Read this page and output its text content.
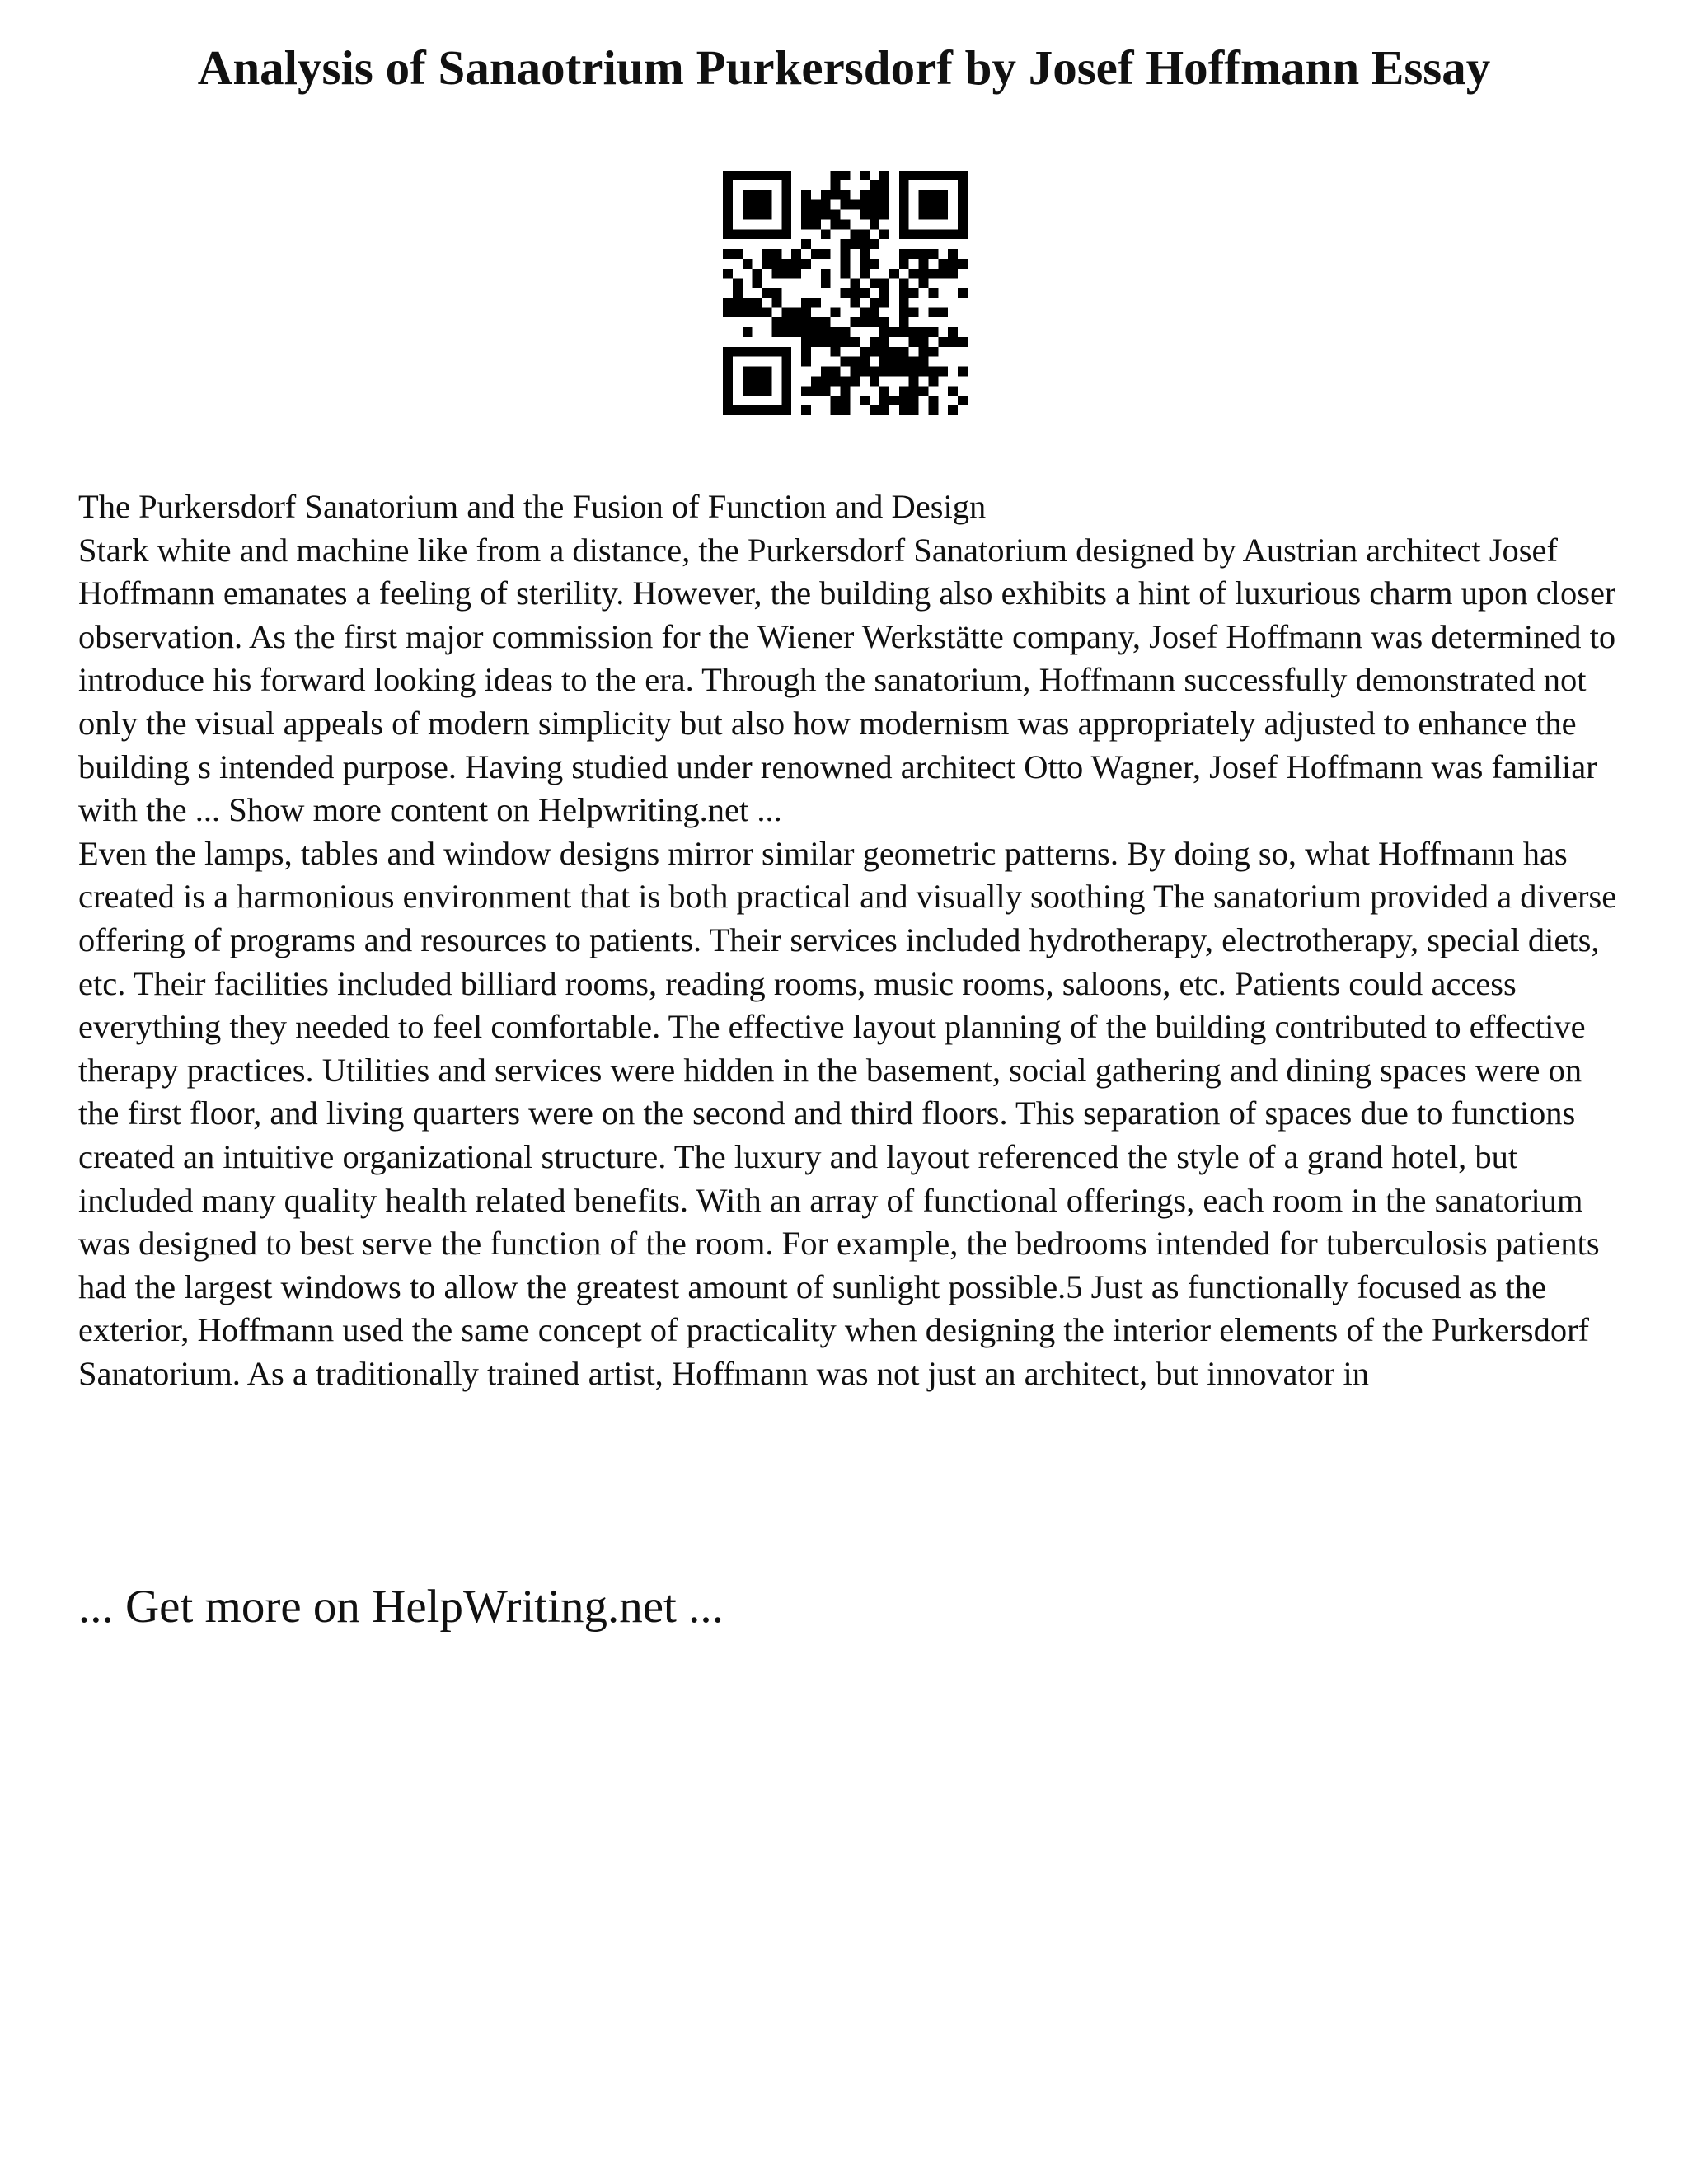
Analysis of Sanaotrium Purkersdorf by Josef Hoffmann Essay

The Purkersdorf Sanatorium and the Fusion of Function and Design

Stark white and machine like from a distance, the Purkersdorf Sanatorium designed by Austrian architect Josef Hoffmann emanates a feeling of sterility. However, the building also exhibits a hint of luxurious charm upon closer observation. As the first major commission for the Wiener Werkstätte company, Josef Hoffmann was determined to introduce his forward looking ideas to the era. Through the sanatorium, Hoffmann successfully demonstrated not only the visual appeals of modern simplicity but also how modernism was appropriately adjusted to enhance the building s intended purpose. Having studied under renowned architect Otto Wagner, Josef Hoffmann was familiar with the ... Show more content on Helpwriting.net ...

Even the lamps, tables and window designs mirror similar geometric patterns. By doing so, what Hoffmann has created is a harmonious environment that is both practical and visually soothing The sanatorium provided a diverse offering of programs and resources to patients. Their services included hydrotherapy, electrotherapy, special diets, etc. Their facilities included billiard rooms, reading rooms, music rooms, saloons, etc. Patients could access everything they needed to feel comfortable. The effective layout planning of the building contributed to effective therapy practices. Utilities and services were hidden in the basement, social gathering and dining spaces were on the first floor, and living quarters were on the second and third floors. This separation of spaces due to functions created an intuitive organizational structure. The luxury and layout referenced the style of a grand hotel, but included many quality health related benefits. With an array of functional offerings, each room in the sanatorium was designed to best serve the function of the room. For example, the bedrooms intended for tuberculosis patients had the largest windows to allow the greatest amount of sunlight possible.5 Just as functionally focused as the exterior, Hoffmann used the same concept of practicality when designing the interior elements of the Purkersdorf Sanatorium. As a traditionally trained artist, Hoffmann was not just an architect, but innovator in

... Get more on HelpWriting.net ...
